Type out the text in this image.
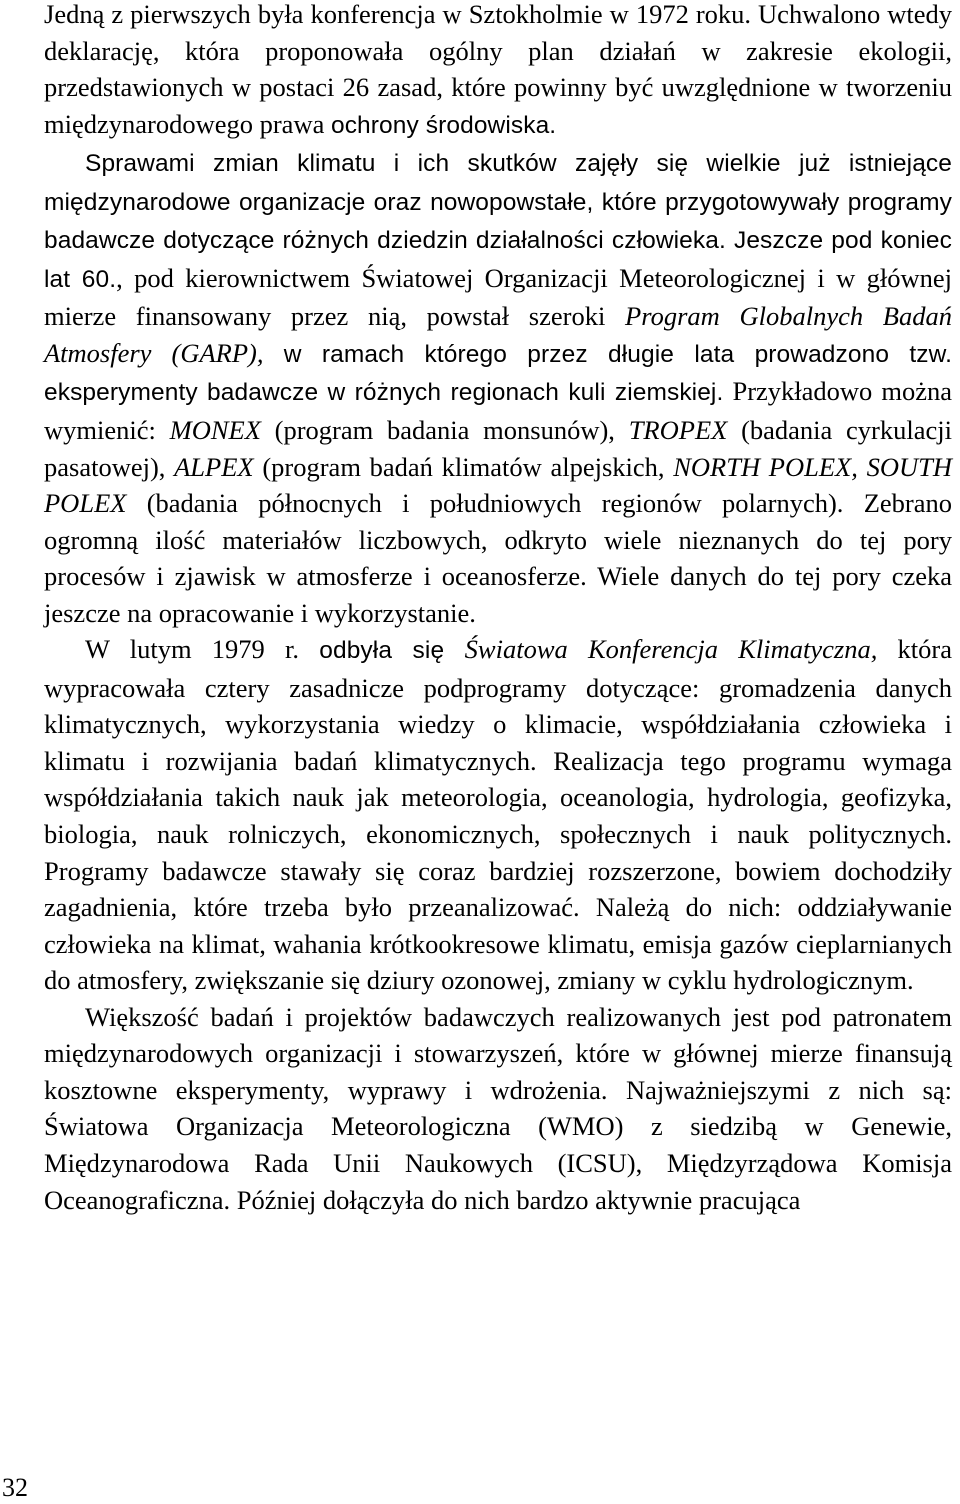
Jedną z pierwszych była konferencja w Sztokholmie w 1972 roku. Uchwalono wtedy deklarację, która proponowała ogólny plan działań w zakresie ekologii, przedstawionych w postaci 26 zasad, które powinny być uwzględnione w tworzeniu międzynarodowego prawa ochrony środowiska.

Sprawami zmian klimatu i ich skutków zajęły się wielkie już istniejące międzynarodowe organizacje oraz nowopowstałe, które przygotowywały programy badawcze dotyczące różnych dziedzin działalności człowieka. Jeszcze pod koniec lat 60., pod kierownictwem Światowej Organizacji Meteorologicznej i w głównej mierze finansowany przez nią, powstał szeroki Program Globalnych Badań Atmosfery (GARP), w ramach którego przez długie lata prowadzono tzw. eksperymenty badawcze w różnych regionach kuli ziemskiej. Przykładowo można wymienić: MONEX (program badania monsunów), TROPEX (badania cyrkulacji pasatowej), ALPEX (program badań klimatów alpejskich, NORTH POLEX, SOUTH POLEX (badania północnych i południowych regionów polarnych). Zebrano ogromną ilość materiałów liczbowych, odkryto wiele nieznanych do tej pory procesów i zjawisk w atmosferze i oceanosferze. Wiele danych do tej pory czeka jeszcze na opracowanie i wykorzystanie.

W lutym 1979 r. odbyła się Światowa Konferencja Klimatyczna, która wypracowała cztery zasadnicze podprogramy dotyczące: gromadzenia danych klimatycznych, wykorzystania wiedzy o klimacie, współdziałania człowieka i klimatu i rozwijania badań klimatycznych. Realizacja tego programu wymaga współdziałania takich nauk jak meteorologia, oceanologia, hydrologia, geofizyka, biologia, nauk rolniczych, ekonomicznych, społecznych i nauk politycznych. Programy badawcze stawały się coraz bardziej rozszerzone, bowiem dochodziły zagadnienia, które trzeba było przeanalizować. Należą do nich: oddziaływanie człowieka na klimat, wahania krótkookresowe klimatu, emisja gazów cieplarnianych do atmosfery, zwiększanie się dziury ozonowej, zmiany w cyklu hydrologicznym.

Większość badań i projektów badawczych realizowanych jest pod patronatem międzynarodowych organizacji i stowarzyszeń, które w głównej mierze finansują kosztowne eksperymenty, wyprawy i wdrożenia. Najważniejszymi z nich są: Światowa Organizacja Meteorologiczna (WMO) z siedzibą w Genewie, Międzynarodowa Rada Unii Naukowych (ICSU), Międzyrządowa Komisja Oceanograficzna. Później dołączyła do nich bardzo aktywnie pracująca

32
